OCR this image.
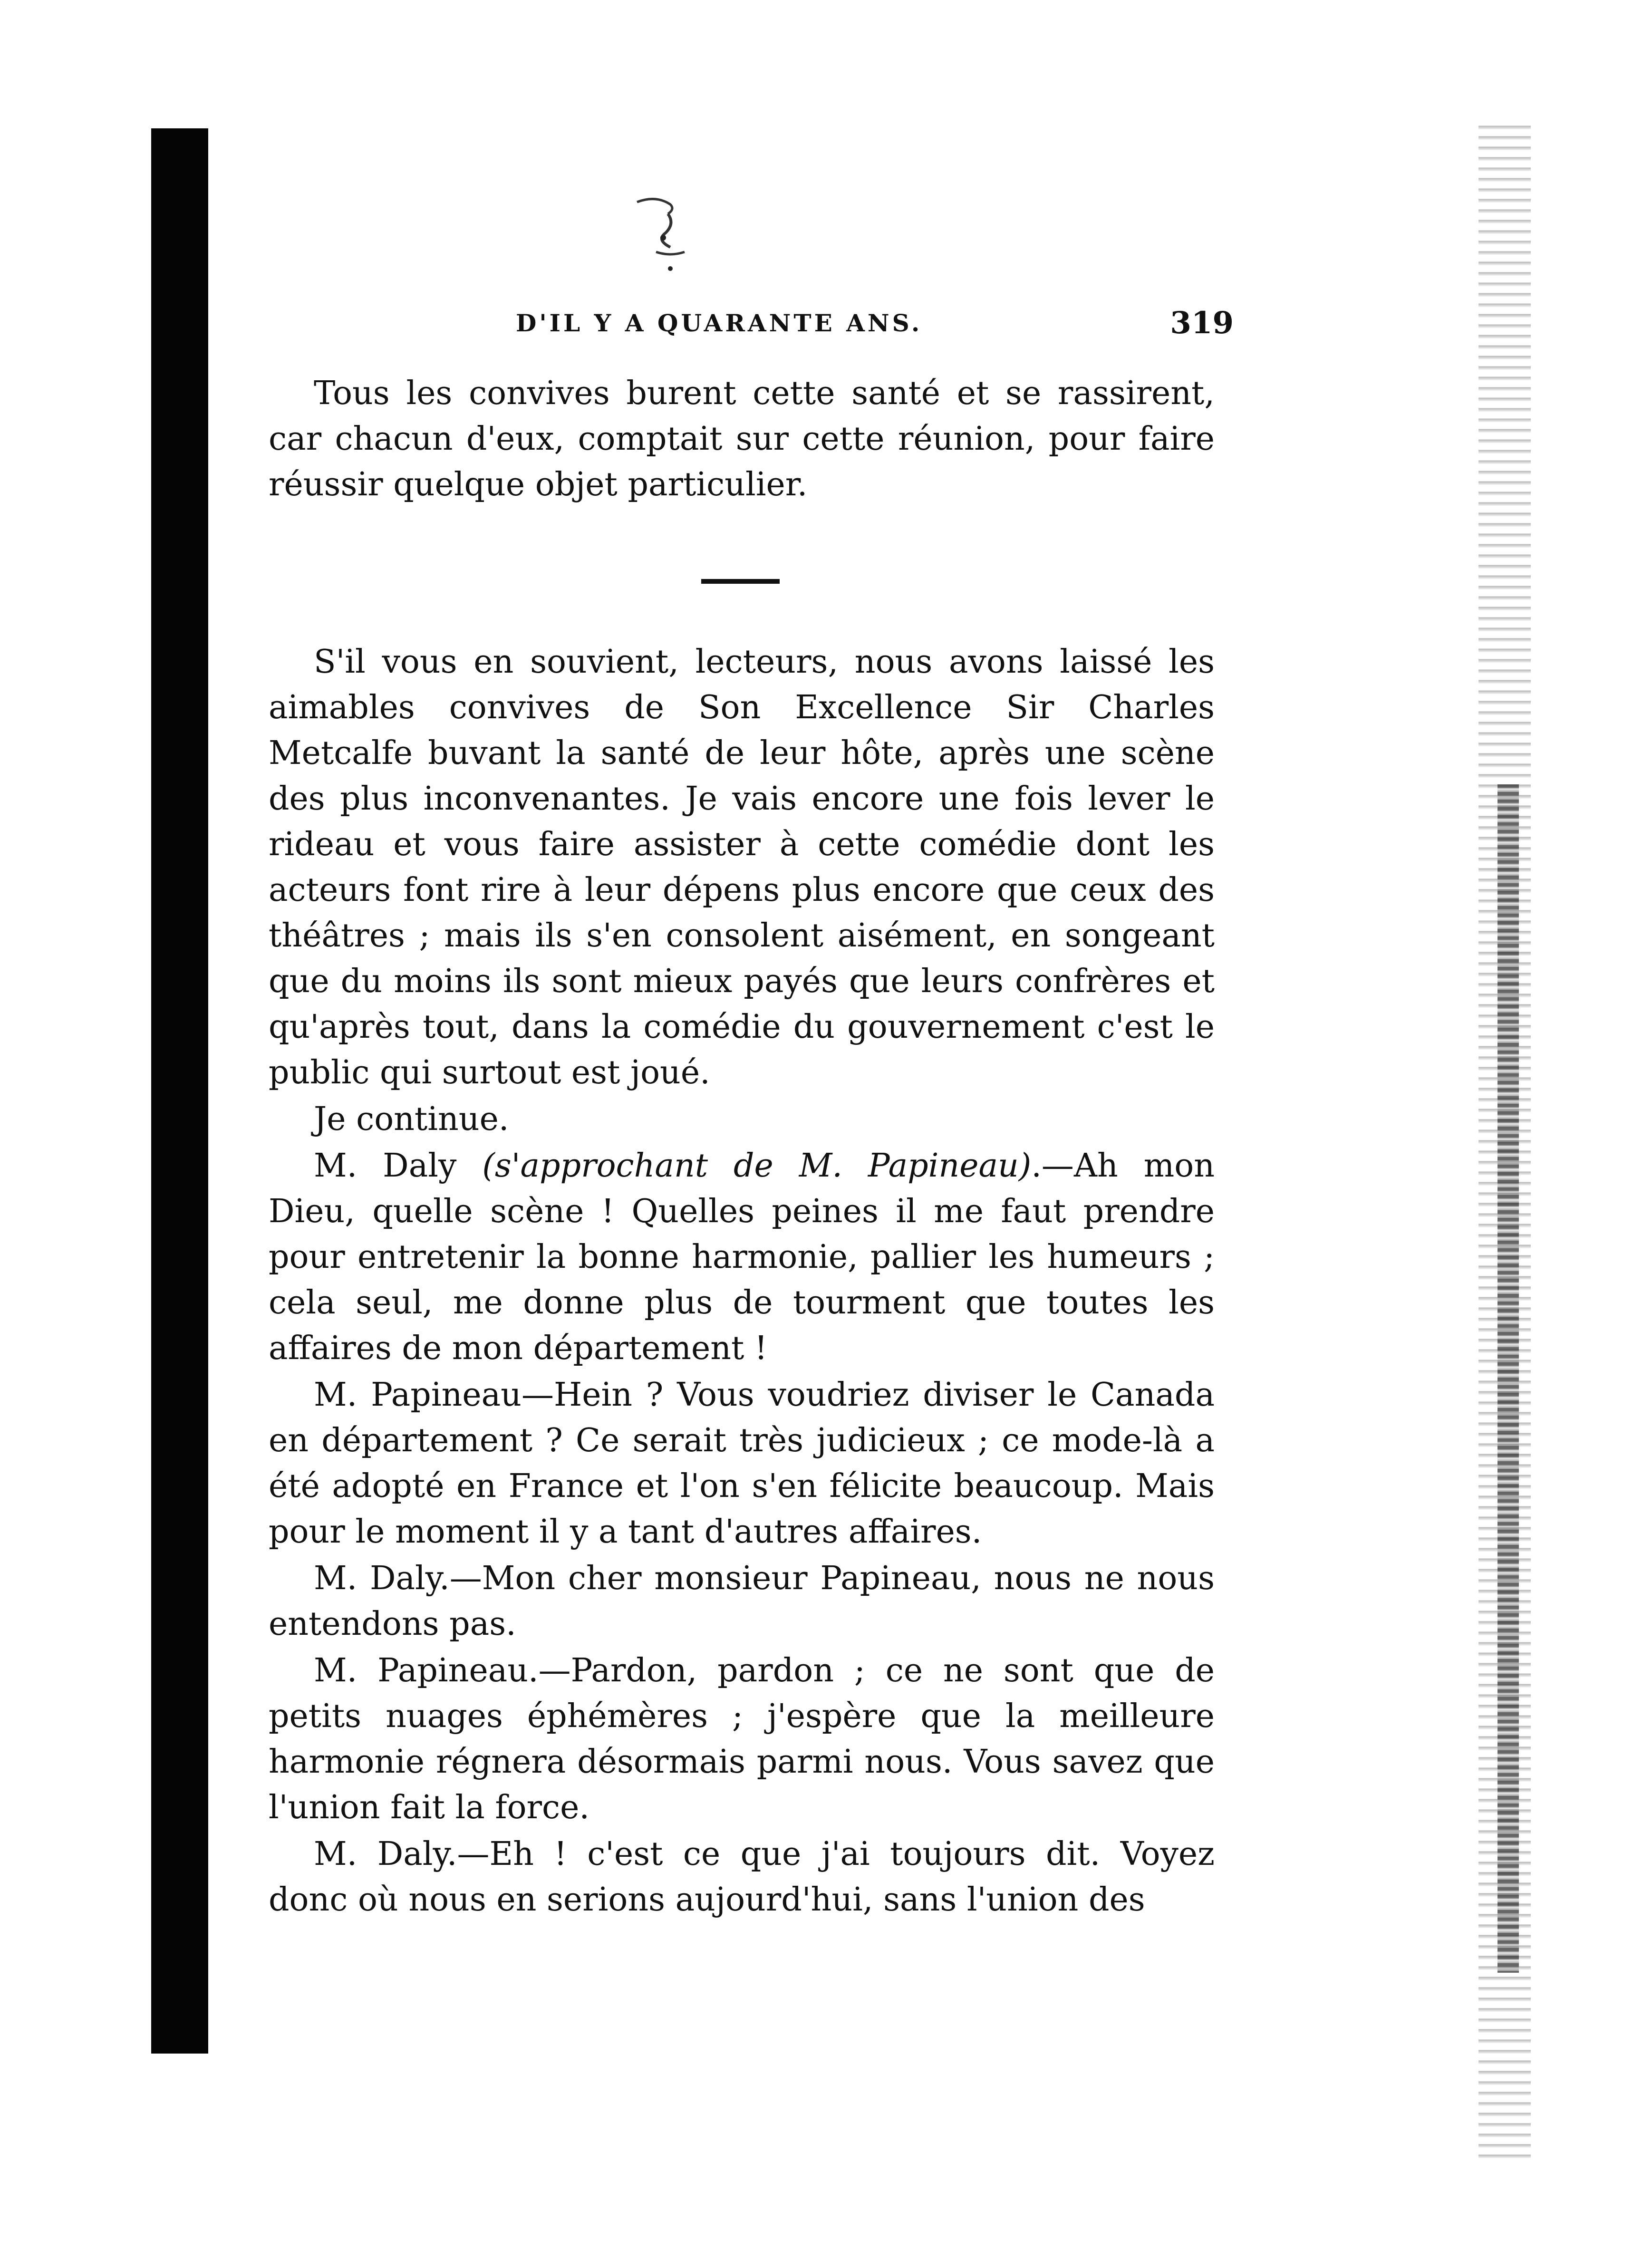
D'IL Y A QUARANTE ANS.	319

Tous les convives burent cette santé et se rassirent, car chacun d'eux, comptait sur cette réunion, pour faire réussir quelque objet particulier.

S'il vous en souvient, lecteurs, nous avons laissé les aimables convives de Son Excellence Sir Charles Metcalfe buvant la santé de leur hôte, après une scène des plus inconvenantes. Je vais encore une fois lever le rideau et vous faire assister à cette comédie dont les acteurs font rire à leur dépens plus encore que ceux des théâtres ; mais ils s'en consolent aisément, en songeant que du moins ils sont mieux payés que leurs confrères et qu'après tout, dans la comédie du gouvernement c'est le public qui surtout est joué.

Je continue.

M. Daly (s'approchant de M. Papineau).—Ah mon Dieu, quelle scène ! Quelles peines il me faut prendre pour entretenir la bonne harmonie, pallier les humeurs ; cela seul, me donne plus de tourment que toutes les affaires de mon département !

M. Papineau—Hein ? Vous voudriez diviser le Canada en département ? Ce serait très judicieux ; ce mode-là a été adopté en France et l'on s'en félicite beaucoup. Mais pour le moment il y a tant d'autres affaires.

M. Daly.—Mon cher monsieur Papineau, nous ne nous entendons pas.

M. Papineau.—Pardon, pardon ; ce ne sont que de petits nuages éphémères ; j'espère que la meilleure harmonie régnera désormais parmi nous. Vous savez que l'union fait la force.

M. Daly.—Eh ! c'est ce que j'ai toujours dit. Voyez donc où nous en serions aujourd'hui, sans l'union des
